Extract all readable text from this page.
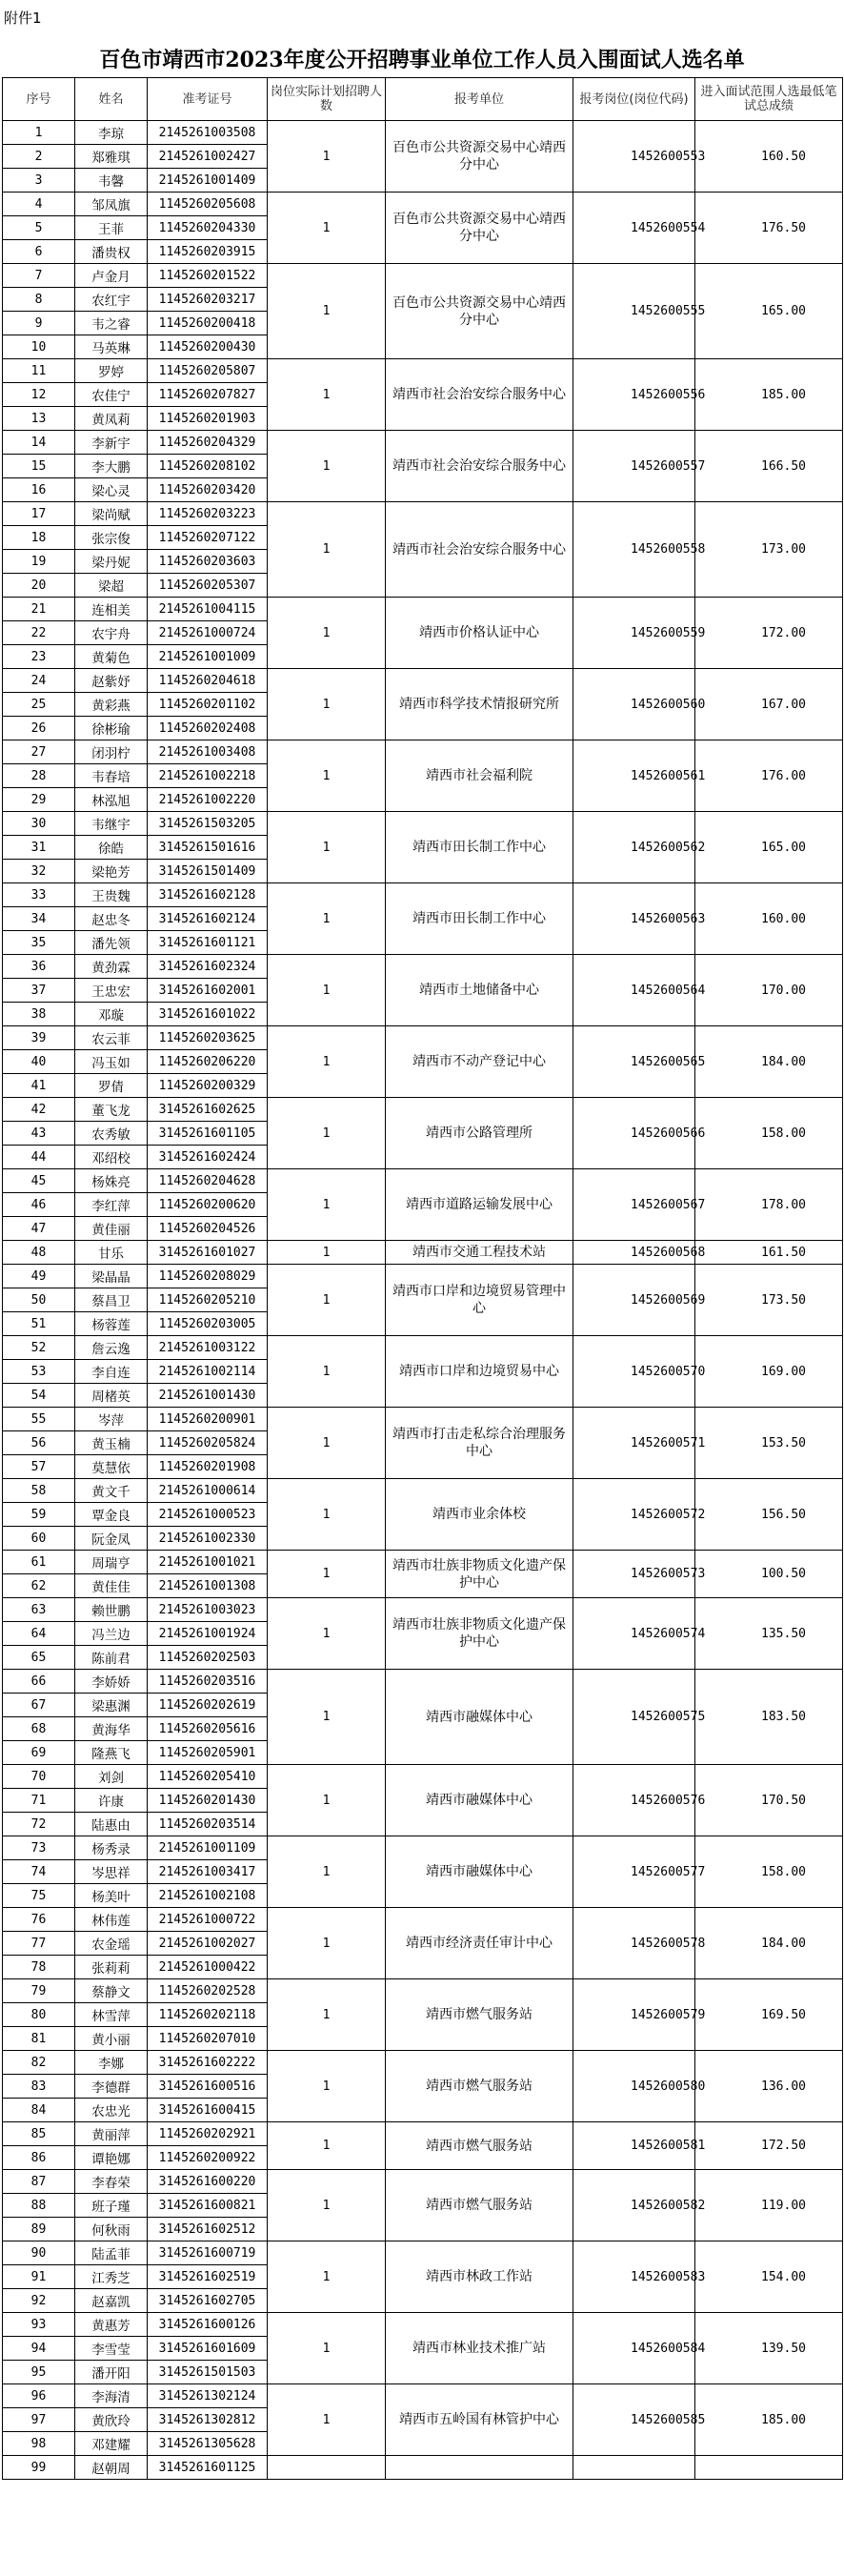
附件1
百色市靖西市2023年度公开招聘事业单位工作人员入围面试人选名单
序号	姓名	准考证号	岗位实际计划招聘人数	报考单位	报考岗位(岗位代码)	进入面试范围人选最低笔试总成绩
1	李琼	2145261003508	1	百色市公共资源交易中心靖西分中心	1452600553	160.50
2	郑雅琪	2145261002427				
3	韦馨	2145261001409				
4	邹凤旗	1145260205608	1	百色市公共资源交易中心靖西分中心	1452600554	176.50
5	王菲	1145260204330				
6	潘贵权	1145260203915				
7	卢金月	1145260201522	1	百色市公共资源交易中心靖西分中心	1452600555	165.00
8	农红宇	1145260203217				
9	韦之睿	1145260200418				
10	马英琳	1145260200430				
11	罗婷	1145260205807	1	靖西市社会治安综合服务中心	1452600556	185.00
12	农佳宁	1145260207827				
13	黄凤莉	1145260201903				
14	李新宇	1145260204329	1	靖西市社会治安综合服务中心	1452600557	166.50
15	李大鹏	1145260208102				
16	梁心灵	1145260203420				
17	梁尚赋	1145260203223	1	靖西市社会治安综合服务中心	1452600558	173.00
18	张宗俊	1145260207122				
19	梁丹妮	1145260203603				
20	梁超	1145260205307				
21	连相美	2145261004115	1	靖西市价格认证中心	1452600559	172.00
22	农宇舟	2145261000724				
23	黄菊色	2145261001009				
24	赵紫妤	1145260204618	1	靖西市科学技术情报研究所	1452600560	167.00
25	黄彩燕	1145260201102				
26	徐彬瑜	1145260202408				
27	闭羽柠	2145261003408	1	靖西市社会福利院	1452600561	176.00
28	韦春培	2145261002218				
29	林泓旭	2145261002220				
30	韦继宇	3145261503205	1	靖西市田长制工作中心	1452600562	165.00
31	徐皓	3145261501616				
32	梁艳芳	3145261501409				
33	王贵魏	3145261602128	1	靖西市田长制工作中心	1452600563	160.00
34	赵忠冬	3145261602124				
35	潘先领	3145261601121				
36	黄劲霖	3145261602324	1	靖西市土地储备中心	1452600564	170.00
37	王忠宏	3145261602001				
38	邓璇	3145261601022				
39	农云菲	1145260203625	1	靖西市不动产登记中心	1452600565	184.00
40	冯玉如	1145260206220				
41	罗倩	1145260200329				
42	董飞龙	3145261602625	1	靖西市公路管理所	1452600566	158.00
43	农秀敏	3145261601105				
44	邓绍校	3145261602424				
45	杨姝亮	1145260204628	1	靖西市道路运输发展中心	1452600567	178.00
46	李红萍	1145260200620				
47	黄佳丽	1145260204526				
48	甘乐	3145261601027	1	靖西市交通工程技术站	1452600568	161.50
49	梁晶晶	1145260208029	1	靖西市口岸和边境贸易管理中心	1452600569	173.50
50	蔡昌卫	1145260205210				
51	杨蓉莲	1145260203005				
52	詹云逸	2145261003122	1	靖西市口岸和边境贸易中心	1452600570	169.00
53	李自连	2145261002114				
54	周楮英	2145261001430				
55	岑萍	1145260200901	1	靖西市打击走私综合治理服务中心	1452600571	153.50
56	黄玉楠	1145260205824				
57	莫慧依	1145260201908				
58	黄文千	2145261000614	1	靖西市业余体校	1452600572	156.50
59	覃金良	2145261000523				
60	阮金凤	2145261002330				
61	周瑞亨	2145261001021	1	靖西市壮族非物质文化遗产保护中心	1452600573	100.50
62	黄佳佳	2145261001308				
63	赖世鹏	2145261003023	1	靖西市壮族非物质文化遗产保护中心	1452600574	135.50
64	冯兰边	2145261001924				
65	陈前君	1145260202503				
66	李娇娇	1145260203516	1	靖西市融媒体中心	1452600575	183.50
67	梁惠渊	1145260202619				
68	黄海华	1145260205616				
69	隆燕飞	1145260205901				
70	刘剑	1145260205410	1	靖西市融媒体中心	1452600576	170.50
71	许康	1145260201430				
72	陆惠由	1145260203514				
73	杨秀录	2145261001109	1	靖西市融媒体中心	1452600577	158.00
74	岑思祥	2145261003417				
75	杨美叶	2145261002108				
76	林伟莲	2145261000722	1	靖西市经济责任审计中心	1452600578	184.00
77	农金瑶	2145261002027				
78	张莉莉	2145261000422				
79	蔡静文	1145260202528	1	靖西市燃气服务站	1452600579	169.50
80	林雪萍	1145260202118				
81	黄小丽	1145260207010				
82	李娜	3145261602222	1	靖西市燃气服务站	1452600580	136.00
83	李德群	3145261600516				
84	农忠光	3145261600415				
85	黄丽萍	1145260202921	1	靖西市燃气服务站	1452600581	172.50
86	谭艳娜	1145260200922				
87	李春荣	3145261600220	1	靖西市燃气服务站	1452600582	119.00
88	班子瑾	3145261600821				
89	何秋雨	3145261602512				
90	陆孟菲	3145261600719	1	靖西市林政工作站	1452600583	154.00
91	江秀芝	3145261602519				
92	赵嘉凯	3145261602705				
93	黄惠芳	3145261600126	1	靖西市林业技术推广站	1452600584	139.50
94	李雪莹	3145261601609				
95	潘开阳	3145261501503				
96	李海清	3145261302124	1	靖西市五岭国有林管护中心	1452600585	185.00
97	黄欣玲	3145261302812				
98	邓建耀	3145261305628				
99	赵朝周	3145261601125				
